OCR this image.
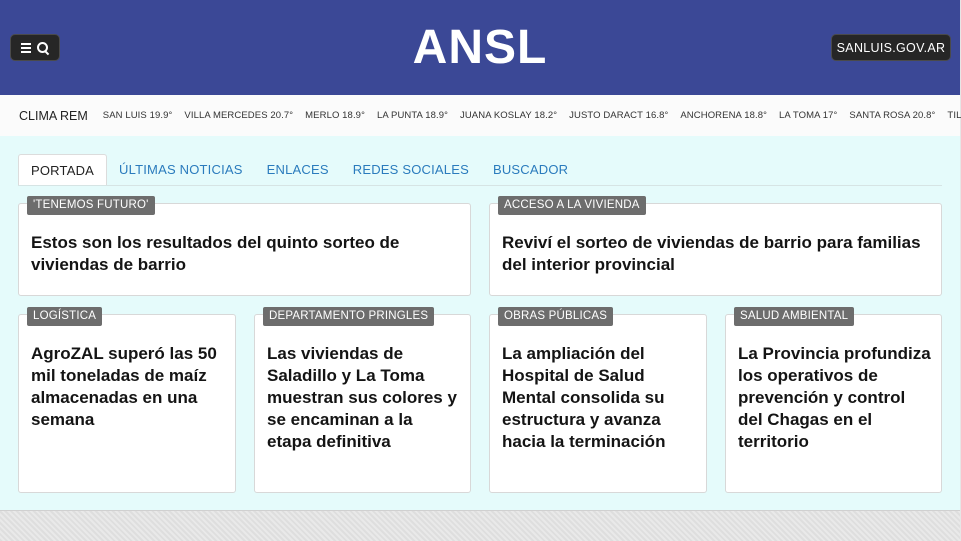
ANSL	SANLUIS.GOV.AR
CLIMA REM SAN LUIS 19.9° VILLA MERCEDES 20.7° MERLO 18.9° LA PUNTA 18.9° JUANA KOSLAY 18.2° JUSTO DARACT 16.8° ANCHORENA 18.8° LA TOMA 17° SANTA ROSA 20.8° TIL
PORTADA	ÚLTIMAS NOTICIAS	ENLACES	REDES SOCIALES	BUSCADOR
'TENEMOS FUTURO'
Estos son los resultados del quinto sorteo de viviendas de barrio
ACCESO A LA VIVIENDA
Reviví el sorteo de viviendas de barrio para familias del interior provincial
LOGÍSTICA
AgroZAL superó las 50 mil toneladas de maíz almacenadas en una semana
DEPARTAMENTO PRINGLES
Las viviendas de Saladillo y La Toma muestran sus colores y se encaminan a la etapa definitiva
OBRAS PÚBLICAS
La ampliación del Hospital de Salud Mental consolida su estructura y avanza hacia la terminación
SALUD AMBIENTAL
La Provincia profundiza los operativos de prevención y control del Chagas en el territorio
